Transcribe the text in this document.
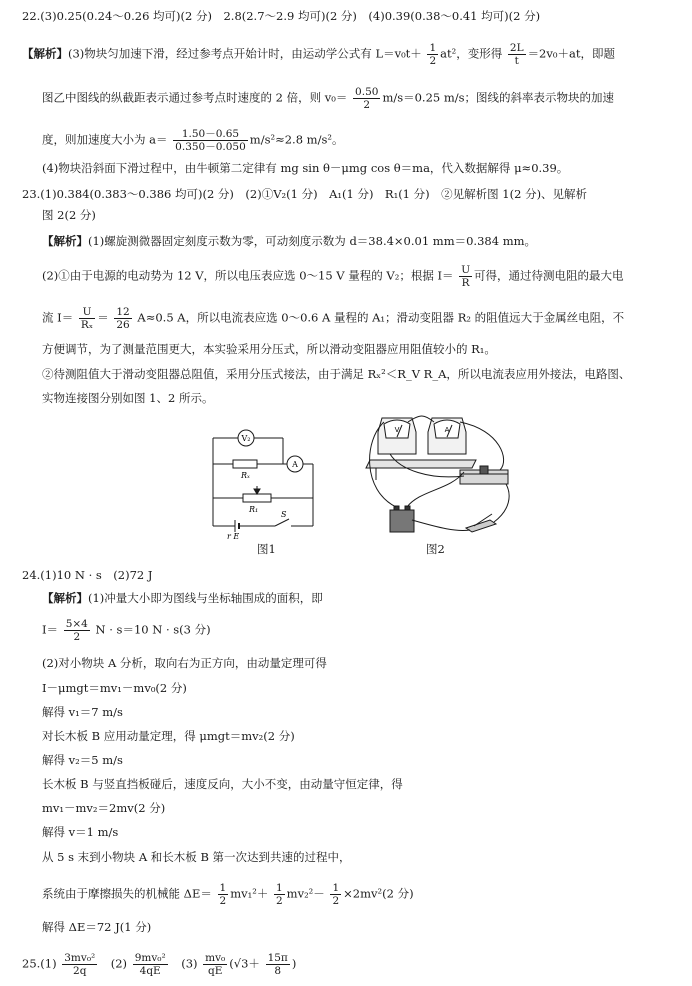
22.(3)0.25(0.24～0.26 均可)(2 分)　2.8(2.7～2.9 均可)(2 分)　(4)0.39(0.38～0.41 均可)(2 分)
【解析】(3)物块匀加速下滑，经过参考点开始计时，由运动学公式有 $L=v_0t+ \frac{1}{2} at^2$，变形得 $\frac{2L}{t} =2v_0+at$，即题
图乙中图线的纵截距表示通过参考点时速度的 2 倍，则 $v_0= \frac{0.50}{2} m/s=0.25$ m/s；图线的斜率表示物块的加速
度，则加速度大小为 $a= \frac{1.50-0.65}{0.350-0.050} m/s^2\approx 2.8$ m/s²。
(4)物块沿斜面下滑过程中，由牛顿第二定律有 mg sin θ－μmg cos θ＝ma，代入数据解得 μ≈0.39。
23.(1)0.384(0.383～0.386 均可)(2 分)　(2)①V₂(1 分)　A₁(1 分)　R₁(1 分)　②见解析图 1(2 分)、见解析
图 2(2 分)
【解析】(1)螺旋测微器固定刻度示数为零，可动刻度示数为 d＝38.4×0.01 mm＝0.384 mm。
(2)①由于电源的电动势为 12 V，所以电压表应选 0～15 V 量程的 V₂；根据 $I= \frac{U}{R}$ 可得，通过待测电阻的最大电
流 $I= \frac{U}{\text{Rₓ}} = \frac{12}{26} A\approx 0.5$ A，所以电流表应选 0～0.6 A 量程的 A₁；滑动变阻器 R₂ 的阻值远大于金属丝电阻，不
方便调节，为了测量范围更大，本实验采用分压式，所以滑动变阻器应用阻值较小的 R₁。
②待测阻值大于滑动变阻器总阻值，采用分压式接法，由于满足 Rₓ²＜R_V R_A，所以电流表应用外接法，电路图、
实物连接图分别如图 1、2 所示。
V₂
A
Rₓ
R₁
S
r E
图1
V	A
图2
24.(1)10 N · s　(2)72 J
【解析】(1)冲量大小即为图线与坐标轴围成的面积，即
$I= \frac{5\times 4}{2}$ N · s＝10 N · s(3 分)
(2)对小物块 A 分析，取向右为正方向，由动量定理可得
I－μmgt＝mv₁－mv₀(2 分)
解得 v₁＝7 m/s
对长木板 B 应用动量定理，得 μmgt＝mv₂(2 分)
解得 v₂＝5 m/s
长木板 B 与竖直挡板碰后，速度反向，大小不变，由动量守恒定律，得
mv₁－mv₂＝2mv(2 分)
解得 v＝1 m/s
从 5 s 末到小物块 A 和长木板 B 第一次达到共速的过程中，
系统由于摩擦损失的机械能 $\Delta E= \frac{1}{2} mv_1^2+ \frac{1}{2} mv_2^2- \frac{1}{2} \times 2mv^2(2$ 分)
解得 ΔE＝72 J(1 分)
$25.(1) \frac{\text{3mv₀²}}{2q}$ 　$(2) \frac{\text{9mv₀²}}{4qE}$ 　$(3) \frac{\text{mv₀}}{qE} (√3+ \frac{15\pi}{8}$ )
